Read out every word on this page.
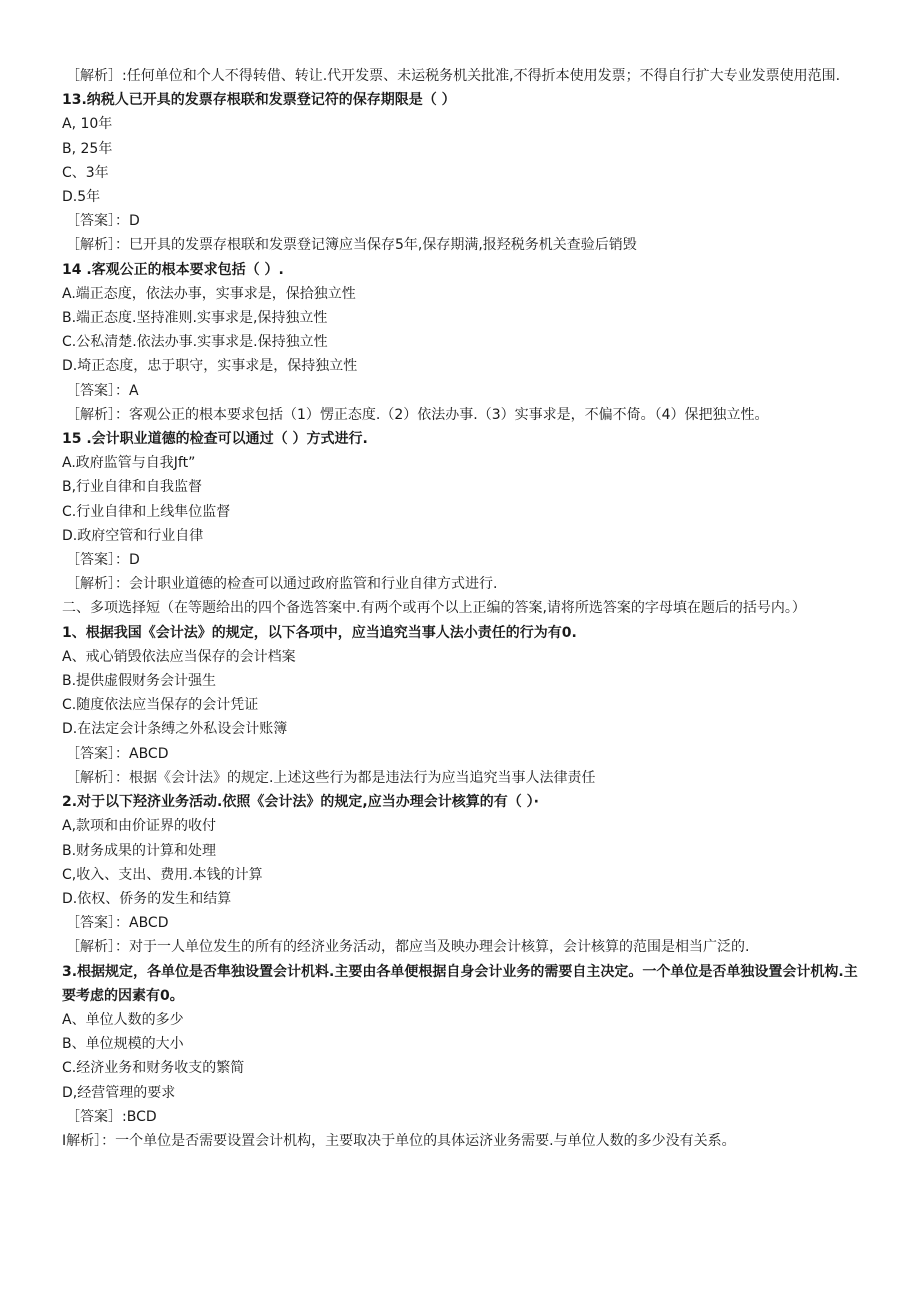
［解析］:任何单位和个人不得转借、转让.代开发票、未运税务机关批准,不得折本使用发票；不得自行扩大专业发票使用范围.
13.纳税人已开具的发票存根联和发票登记符的保存期限是（ ）
A, 10年
B, 25年
C、3年
D.5年
［答案］：D
［解析］：巳开具的发票存根联和发票登记簿应当保存5年,保存期满,报羟税务机关查验后销毁
14 .客观公正的根本要求包括（ ）.
A.端正态度，依法办事，实事求是，保拾独立性
B.端正态度.坚持准则.实事求是,保持独立性
C.公私清楚.依法办事.实事求是.保持独立性
D.埼正态度，忠于职守，实事求是，保持独立性
［答案］：A
［解析］：客观公正的根本要求包括（1）愣正态度.（2）依法办事.（3）实事求是，不偏不倚。（4）保把独立性。
15 .会计职业道德的检查可以通过（ ）方式进行.
A.政府监管与自我Jft”
B,行业自律和自我监督
C.行业自律和上线隼位监督
D.政府空管和行业自律
［答案］：D
［解析］：会计职业道德的检查可以通过政府监管和行业自律方式进行.
二、多项选择短（在等题给出的四个备选答案中.有两个或再个以上正编的答案,请将所选答案的字母填在题后的括号内。）
1、根据我国《会计法》的规定，以下各项中，应当追究当事人法小责任的行为有0.
A、戒心销毁依法应当保存的会计档案
B.提供虚假财务会计强生
C.随度依法应当保存的会计凭证
D.在法定会计条缚之外私设会计账簿
［答案］：ABCD
［解析］：根据《会计法》的规定.上述这些行为都是违法行为应当追究当事人法律责任
2.对于以下羟济业务活动.依照《会计法》的规定,应当办理会计核算的有（ ）·
A,款项和由价证界的收付
B.财务成果的计算和处理
C,收入、支出、费用.本钱的计算
D.依权、侨务的发生和结算
［答案］：ABCD
［解析］：对于一人单位发生的所有的经济业务活动，都应当及映办理会计核算，会计核算的范围是相当广泛的.
3.根据规定，各单位是否隼独设置会计机料.主要由各单便根据自身会计业务的需要自主决定。一个单位是否单独设置会计机构.主要考虑的因素有0。
A、单位人数的多少
B、单位规模的大小
C.经济业务和财务收支的繁简
D,经营管理的要求
［答案］:BCD
I解析］：一个单位是否需要设置会计机构，主要取决于单位的具体运济业务需要.与单位人数的多少没有关系。
